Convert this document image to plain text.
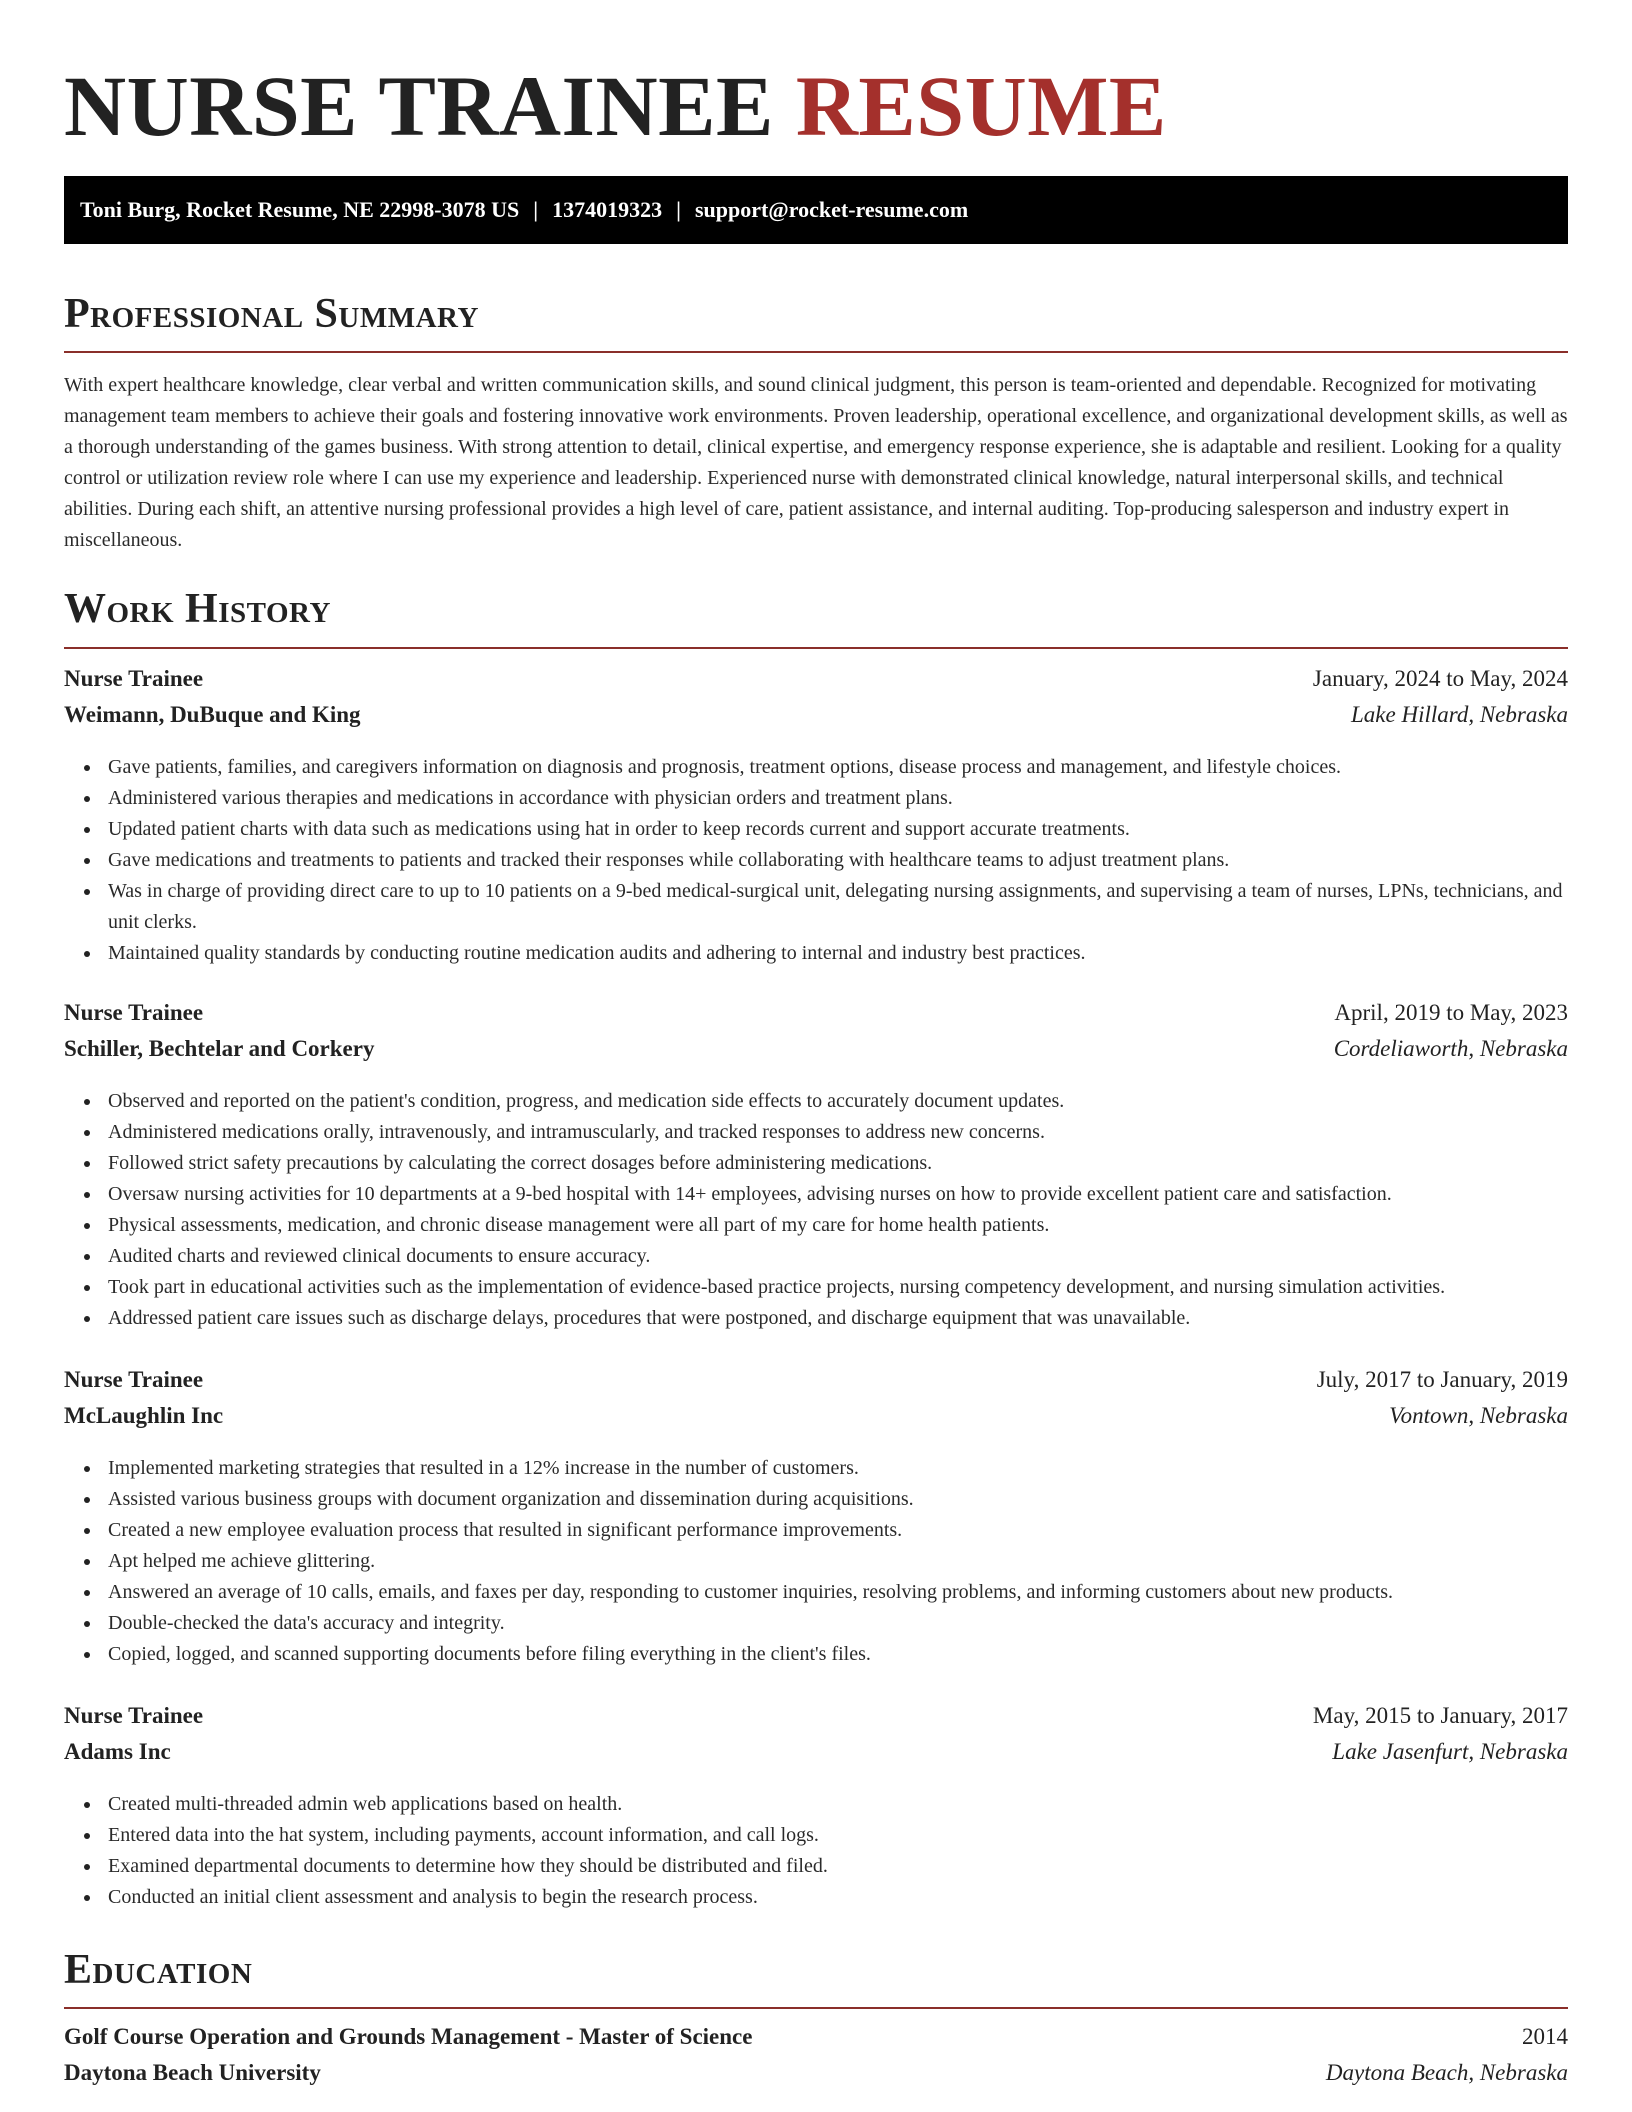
NURSE TRAINEE RESUME
Toni Burg, Rocket Resume, NE 22998-3078 US | 1374019323 | support@rocket-resume.com
Professional Summary

With expert healthcare knowledge, clear verbal and written communication skills, and sound clinical judgment, this person is team-oriented and dependable. Recognized for motivating management team members to achieve their goals and fostering innovative work environments. Proven leadership, operational excellence, and organizational development skills, as well as a thorough understanding of the games business. With strong attention to detail, clinical expertise, and emergency response experience, she is adaptable and resilient. Looking for a quality control or utilization review role where I can use my experience and leadership. Experienced nurse with demonstrated clinical knowledge, natural interpersonal skills, and technical abilities. During each shift, an attentive nursing professional provides a high level of care, patient assistance, and internal auditing. Top-producing salesperson and industry expert in miscellaneous.

Work History
Nurse Trainee	January, 2024 to May, 2024
Weimann, DuBuque and King	Lake Hillard, Nebraska
Gave patients, families, and caregivers information on diagnosis and prognosis, treatment options, disease process and management, and lifestyle choices.
Administered various therapies and medications in accordance with physician orders and treatment plans.
Updated patient charts with data such as medications using hat in order to keep records current and support accurate treatments.
Gave medications and treatments to patients and tracked their responses while collaborating with healthcare teams to adjust treatment plans.
Was in charge of providing direct care to up to 10 patients on a 9-bed medical-surgical unit, delegating nursing assignments, and supervising a team of nurses, LPNs, technicians, and unit clerks.
Maintained quality standards by conducting routine medication audits and adhering to internal and industry best practices.
Nurse Trainee	April, 2019 to May, 2023
Schiller, Bechtelar and Corkery	Cordeliaworth, Nebraska
Observed and reported on the patient's condition, progress, and medication side effects to accurately document updates.
Administered medications orally, intravenously, and intramuscularly, and tracked responses to address new concerns.
Followed strict safety precautions by calculating the correct dosages before administering medications.
Oversaw nursing activities for 10 departments at a 9-bed hospital with 14+ employees, advising nurses on how to provide excellent patient care and satisfaction.
Physical assessments, medication, and chronic disease management were all part of my care for home health patients.
Audited charts and reviewed clinical documents to ensure accuracy.
Took part in educational activities such as the implementation of evidence-based practice projects, nursing competency development, and nursing simulation activities.
Addressed patient care issues such as discharge delays, procedures that were postponed, and discharge equipment that was unavailable.
Nurse Trainee	July, 2017 to January, 2019
McLaughlin Inc	Vontown, Nebraska
Implemented marketing strategies that resulted in a 12% increase in the number of customers.
Assisted various business groups with document organization and dissemination during acquisitions.
Created a new employee evaluation process that resulted in significant performance improvements.
Apt helped me achieve glittering.
Answered an average of 10 calls, emails, and faxes per day, responding to customer inquiries, resolving problems, and informing customers about new products.
Double-checked the data's accuracy and integrity.
Copied, logged, and scanned supporting documents before filing everything in the client's files.
Nurse Trainee	May, 2015 to January, 2017
Adams Inc	Lake Jasenfurt, Nebraska
Created multi-threaded admin web applications based on health.
Entered data into the hat system, including payments, account information, and call logs.
Examined departmental documents to determine how they should be distributed and filed.
Conducted an initial client assessment and analysis to begin the research process.
Education
Golf Course Operation and Grounds Management - Master of Science	2014
Daytona Beach University	Daytona Beach, Nebraska
